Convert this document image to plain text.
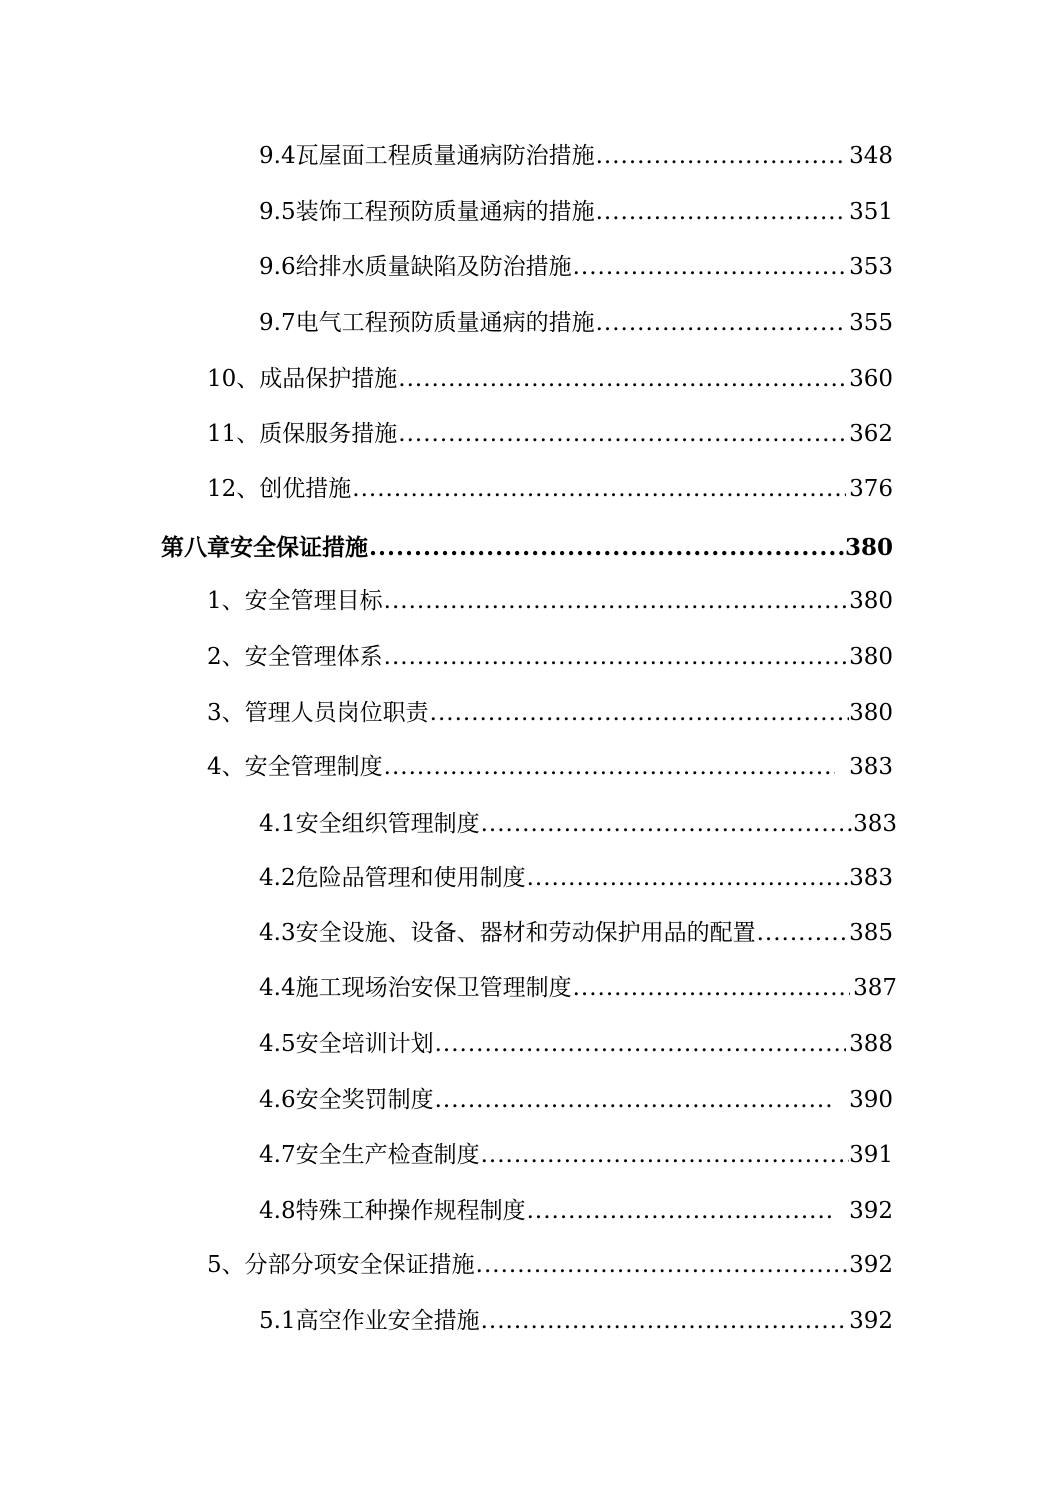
9.4 瓦屋面工程质量通病防治措施 .....	348
9.5 装饰工程预防质量通病的措施 .....	351
9.6 给排水质量缺陷及防治措施 .....	353
9.7 电气工程预防质量通病的措施 .....	355
10、 成品保护措施 .....	360
11、 质保服务措施 .....	362
12、 创优措施 .....	376
第八章 安全保证措施 .....	380
1、 安全管理目标 .....	380
2、 安全管理体系 .....	380
3、 管理人员岗位职责 .....	380
4、 安全管理制度 .....	383
4.1 安全组织管理制度 .....	383
4.2 危险品管理和使用制度 .....	383
4.3 安全设施、设备、器材和劳动保护用品的配置 .....	385
4.4 施工现场治安保卫管理制度 .....	387
4.5 安全培训计划 .....	388
4.6 安全奖罚制度 .....	390
4.7 安全生产检查制度 .....	391
4.8 特殊工种操作规程制度 .....	392
5、 分部分项安全保证措施 .....	392
5.1 高空作业安全措施 .....	392
